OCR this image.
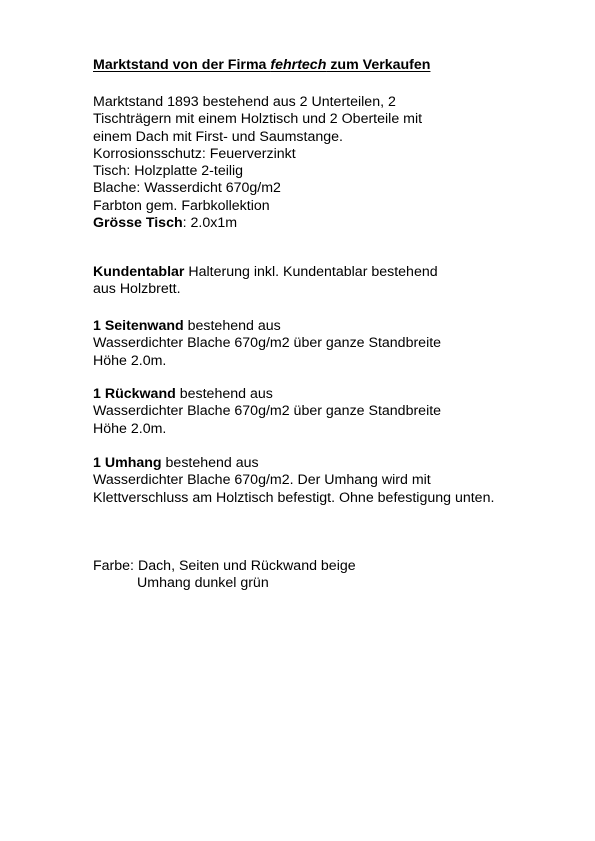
Marktstand von der Firma fehrtech zum Verkaufen
Marktstand 1893 bestehend aus 2 Unterteilen, 2
Tischträgern mit einem Holztisch und 2 Oberteile mit
einem Dach mit First- und Saumstange.
Korrosionsschutz: Feuerverzinkt
Tisch: Holzplatte 2-teilig
Blache: Wasserdicht 670g/m2
Farbton gem. Farbkollektion
Grösse Tisch: 2.0x1m
Kundentablar Halterung inkl. Kundentablar bestehend
aus Holzbrett.
1 Seitenwand bestehend aus
Wasserdichter Blache 670g/m2 über ganze Standbreite
Höhe 2.0m.
1 Rückwand bestehend aus
Wasserdichter Blache 670g/m2 über ganze Standbreite
Höhe 2.0m.
1 Umhang bestehend aus
Wasserdichter Blache 670g/m2. Der Umhang wird mit
Klettverschluss am Holztisch befestigt. Ohne befestigung unten.
Farbe: Dach, Seiten und Rückwand beige
Umhang dunkel grün
